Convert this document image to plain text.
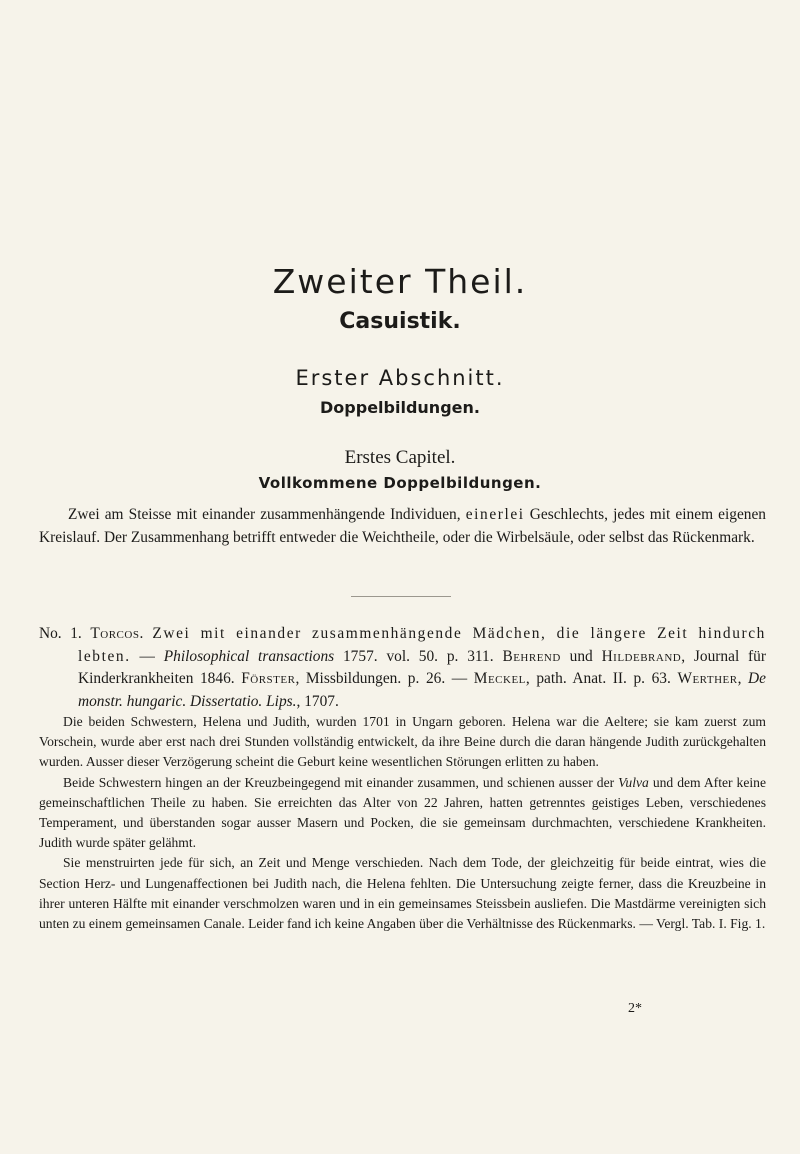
Zweiter Theil.
Casuistik.
Erster Abschnitt.
Doppelbildungen.
Erstes Capitel.
Vollkommene Doppelbildungen.

Zwei am Steisse mit einander zusammenhängende Individuen, einerlei Geschlechts, jedes mit einem eigenen Kreislauf. Der Zusammenhang betrifft entweder die Weichtheile, oder die Wirbelsäule, oder selbst das Rückenmark.

No. 1. Torcos. Zwei mit einander zusammenhängende Mädchen, die längere Zeit hindurch lebten. — Philosophical transactions 1757. vol. 50. p. 311. Behrend und Hildebrand, Journal für Kinderkrankheiten 1846. Förster, Missbildungen. p. 26. — Meckel, path. Anat. II. p. 63. Werther, De monstr. hungaric. Dissertatio. Lips., 1707.

Die beiden Schwestern, Helena und Judith, wurden 1701 in Ungarn geboren. Helena war die Aeltere; sie kam zuerst zum Vorschein, wurde aber erst nach drei Stunden vollständig entwickelt, da ihre Beine durch die daran hängende Judith zurückgehalten wurden. Ausser dieser Verzögerung scheint die Geburt keine wesentlichen Störungen erlitten zu haben.

Beide Schwestern hingen an der Kreuzbeingegend mit einander zusammen, und schienen ausser der Vulva und dem After keine gemeinschaftlichen Theile zu haben. Sie erreichten das Alter von 22 Jahren, hatten getrenntes geistiges Leben, verschiedenes Temperament, und überstanden sogar ausser Masern und Pocken, die sie gemeinsam durchmachten, verschiedene Krankheiten. Judith wurde später gelähmt.

Sie menstruirten jede für sich, an Zeit und Menge verschieden. Nach dem Tode, der gleichzeitig für beide eintrat, wies die Section Herz- und Lungenaffectionen bei Judith nach, die Helena fehlten. Die Untersuchung zeigte ferner, dass die Kreuzbeine in ihrer unteren Hälfte mit einander verschmolzen waren und in ein gemeinsames Steissbein ausliefen. Die Mastdärme vereinigten sich unten zu einem gemeinsamen Canale. Leider fand ich keine Angaben über die Verhältnisse des Rückenmarks. — Vergl. Tab. I. Fig. 1.

2*
